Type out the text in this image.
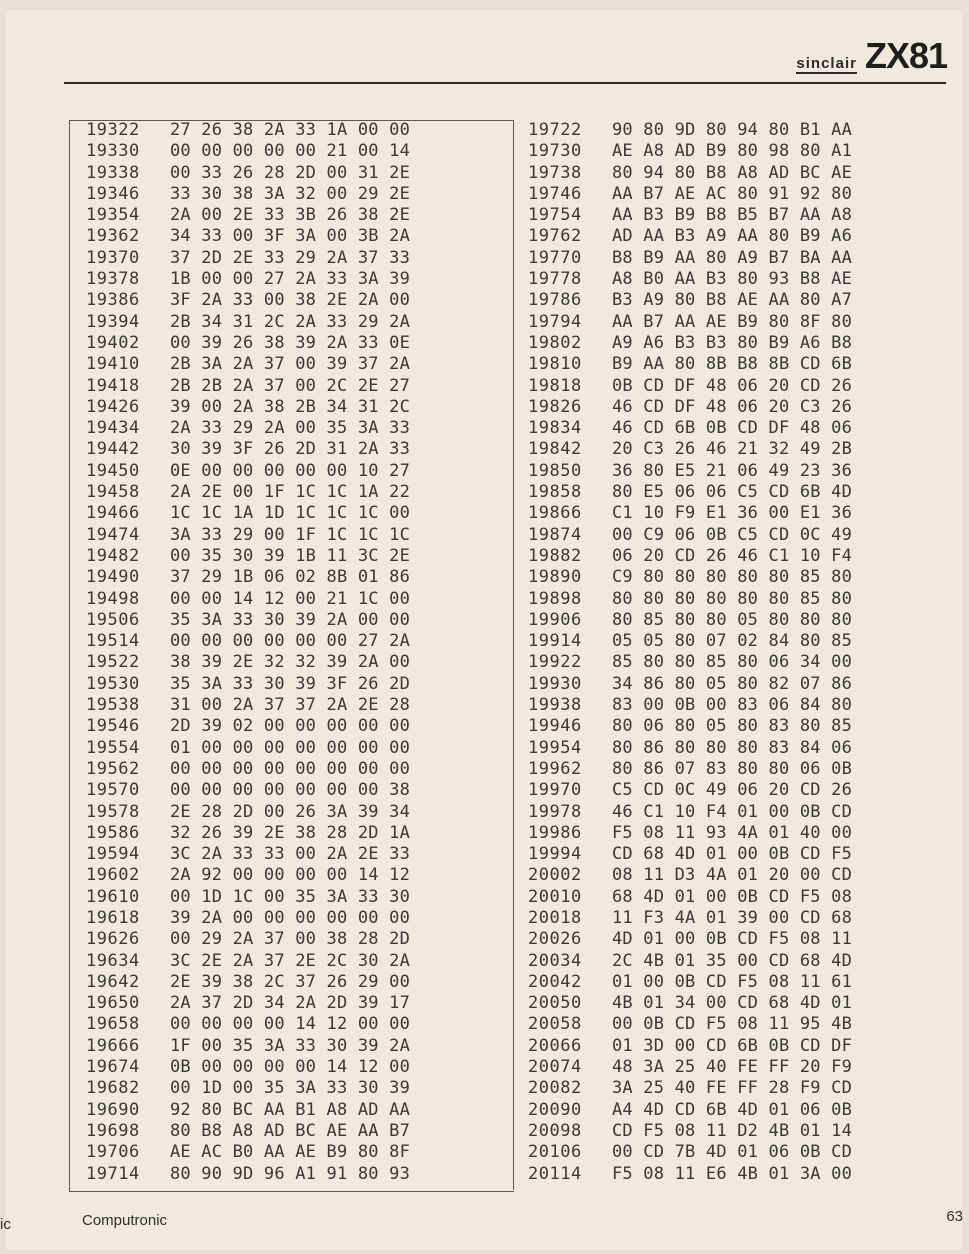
sinclair ZX81
19322	27 26 38 2A 33 1A 00 00
19330	00 00 00 00 00 21 00 14
19338	00 33 26 28 2D 00 31 2E
19346	33 30 38 3A 32 00 29 2E
19354	2A 00 2E 33 3B 26 38 2E
19362	34 33 00 3F 3A 00 3B 2A
19370	37 2D 2E 33 29 2A 37 33
19378	1B 00 00 27 2A 33 3A 39
19386	3F 2A 33 00 38 2E 2A 00
19394	2B 34 31 2C 2A 33 29 2A
19402	00 39 26 38 39 2A 33 0E
19410	2B 3A 2A 37 00 39 37 2A
19418	2B 2B 2A 37 00 2C 2E 27
19426	39 00 2A 38 2B 34 31 2C
19434	2A 33 29 2A 00 35 3A 33
19442	30 39 3F 26 2D 31 2A 33
19450	0E 00 00 00 00 00 10 27
19458	2A 2E 00 1F 1C 1C 1A 22
19466	1C 1C 1A 1D 1C 1C 1C 00
19474	3A 33 29 00 1F 1C 1C 1C
19482	00 35 30 39 1B 11 3C 2E
19490	37 29 1B 06 02 8B 01 86
19498	00 00 14 12 00 21 1C 00
19506	35 3A 33 30 39 2A 00 00
19514	00 00 00 00 00 00 27 2A
19522	38 39 2E 32 32 39 2A 00
19530	35 3A 33 30 39 3F 26 2D
19538	31 00 2A 37 37 2A 2E 28
19546	2D 39 02 00 00 00 00 00
19554	01 00 00 00 00 00 00 00
19562	00 00 00 00 00 00 00 00
19570	00 00 00 00 00 00 00 38
19578	2E 28 2D 00 26 3A 39 34
19586	32 26 39 2E 38 28 2D 1A
19594	3C 2A 33 33 00 2A 2E 33
19602	2A 92 00 00 00 00 14 12
19610	00 1D 1C 00 35 3A 33 30
19618	39 2A 00 00 00 00 00 00
19626	00 29 2A 37 00 38 28 2D
19634	3C 2E 2A 37 2E 2C 30 2A
19642	2E 39 38 2C 37 26 29 00
19650	2A 37 2D 34 2A 2D 39 17
19658	00 00 00 00 14 12 00 00
19666	1F 00 35 3A 33 30 39 2A
19674	0B 00 00 00 00 14 12 00
19682	00 1D 00 35 3A 33 30 39
19690	92 80 BC AA B1 A8 AD AA
19698	80 B8 A8 AD BC AE AA B7
19706	AE AC B0 AA AE B9 80 8F
19714	80 90 9D 96 A1 91 80 93
19722	90 80 9D 80 94 80 B1 AA
19730	AE A8 AD B9 80 98 80 A1
19738	80 94 80 B8 A8 AD BC AE
19746	AA B7 AE AC 80 91 92 80
19754	AA B3 B9 B8 B5 B7 AA A8
19762	AD AA B3 A9 AA 80 B9 A6
19770	B8 B9 AA 80 A9 B7 BA AA
19778	A8 B0 AA B3 80 93 B8 AE
19786	B3 A9 80 B8 AE AA 80 A7
19794	AA B7 AA AE B9 80 8F 80
19802	A9 A6 B3 B3 80 B9 A6 B8
19810	B9 AA 80 8B B8 8B CD 6B
19818	0B CD DF 48 06 20 CD 26
19826	46 CD DF 48 06 20 C3 26
19834	46 CD 6B 0B CD DF 48 06
19842	20 C3 26 46 21 32 49 2B
19850	36 80 E5 21 06 49 23 36
19858	80 E5 06 06 C5 CD 6B 4D
19866	C1 10 F9 E1 36 00 E1 36
19874	00 C9 06 0B C5 CD 0C 49
19882	06 20 CD 26 46 C1 10 F4
19890	C9 80 80 80 80 80 85 80
19898	80 80 80 80 80 80 85 80
19906	80 85 80 80 05 80 80 80
19914	05 05 80 07 02 84 80 85
19922	85 80 80 85 80 06 34 00
19930	34 86 80 05 80 82 07 86
19938	83 00 0B 00 83 06 84 80
19946	80 06 80 05 80 83 80 85
19954	80 86 80 80 80 83 84 06
19962	80 86 07 83 80 80 06 0B
19970	C5 CD 0C 49 06 20 CD 26
19978	46 C1 10 F4 01 00 0B CD
19986	F5 08 11 93 4A 01 40 00
19994	CD 68 4D 01 00 0B CD F5
20002	08 11 D3 4A 01 20 00 CD
20010	68 4D 01 00 0B CD F5 08
20018	11 F3 4A 01 39 00 CD 68
20026	4D 01 00 0B CD F5 08 11
20034	2C 4B 01 35 00 CD 68 4D
20042	01 00 0B CD F5 08 11 61
20050	4B 01 34 00 CD 68 4D 01
20058	00 0B CD F5 08 11 95 4B
20066	01 3D 00 CD 6B 0B CD DF
20074	48 3A 25 40 FE FF 20 F9
20082	3A 25 40 FE FF 28 F9 CD
20090	A4 4D CD 6B 4D 01 06 0B
20098	CD F5 08 11 D2 4B 01 14
20106	00 CD 7B 4D 01 06 0B CD
20114	F5 08 11 E6 4B 01 3A 00
ic	Computronic	63
